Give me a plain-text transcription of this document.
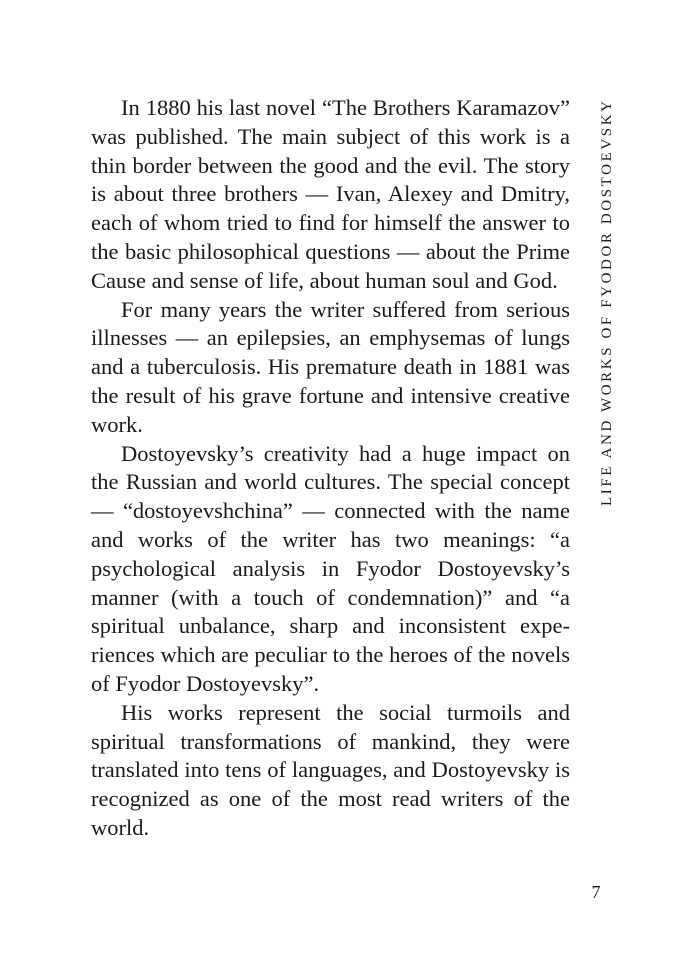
In 1880 his last novel “The Brothers Karamazov” was published. The main subject of this work is a thin border between the good and the evil. The story is about three brothers — Ivan, Alexey and Dmitry, each of whom tried to find for himself the answer to the basic philosophical questions — about the Prime Cause and sense of life, about human soul and God.

For many years the writer suffered from serious illnesses — an epilepsies, an emphysemas of lungs and a tuberculosis. His premature death in 1881 was the result of his grave fortune and intensive creative work.

Dostoyevsky’s creativity had a huge impact on the Russian and world cultures. The special concept — “dostoyevshchina” — connected with the name and works of the writer has two meanings: “a psychological analysis in Fyodor Dostoyevsky’s manner (with a touch of condemnation)” and “a spiritual unbalance, sharp and inconsistent experiences which are peculiar to the heroes of the novels of Fyodor Dostoyevsky”.

His works represent the social turmoils and spiritual transformations of mankind, they were translated into tens of languages, and Dostoyevsky is recognized as one of the most read writers of the world.

LIFE AND WORKS OF FYODOR DOSTOEVSKY
7
